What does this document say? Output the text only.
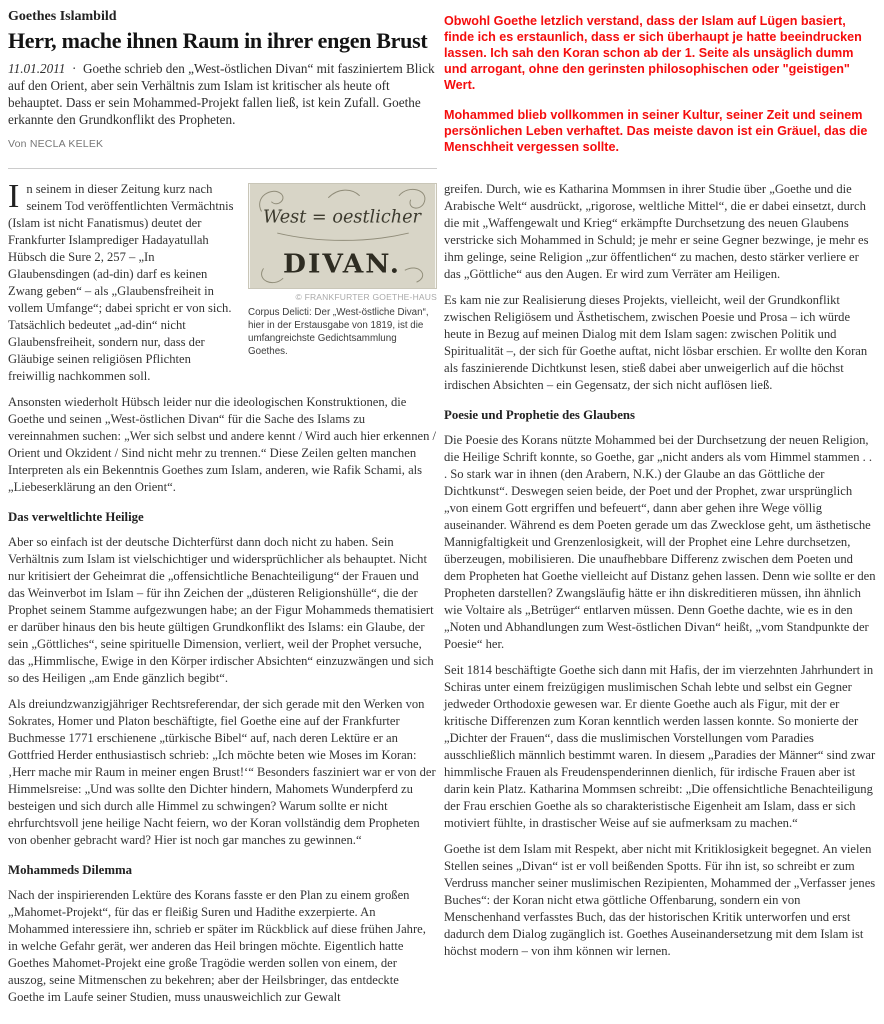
Goethes Islambild
Herr, mache ihnen Raum in ihrer engen Brust
11.01.2011 · Goethe schrieb den „West-östlichen Divan“ mit fasziniertem Blick auf den Orient, aber sein Verhältnis zum Islam ist kritischer als heute oft behauptet. Dass er sein Mohammed-Projekt fallen ließ, ist kein Zufall. Goethe erkannte den Grundkonflikt des Propheten.
Von NECLA KELEK

Obwohl Goethe letzlich verstand, dass der Islam auf Lügen basiert, finde ich es erstaunlich, dass er sich überhaupt je hatte beeindrucken lassen. Ich sah den Koran schon ab der 1. Seite als unsäglich dumm und arrogant, ohne den gerinsten philosophischen oder "geistigen" Wert.

Mohammed blieb vollkommen in seiner Kultur, seiner Zeit und seinem persönlichen Leben verhaftet. Das meiste davon ist ein Gräuel, das die Menschheit vergessen sollte.

West = oestlicher
DIVAN.
© FRANKFURTER GOETHE-HAUS
Corpus Delicti: Der „West-östliche Divan“, hier in der Erstausgabe von 1819, ist die umfangreichste Gedichtsammlung Goethes.

In seinem in dieser Zeitung kurz nach seinem Tod veröffentlichten Vermächtnis (Islam ist nicht Fanatismus) deutet der Frankfurter Islamprediger Hadayatullah Hübsch die Sure 2, 257 – „In Glaubensdingen (ad-din) darf es keinen Zwang geben“ – als „Glaubensfreiheit in vollem Umfange“; dabei spricht er von sich. Tatsächlich bedeutet „ad-din“ nicht Glaubensfreiheit, sondern nur, dass der Gläubige seinen religiösen Pflichten freiwillig nachkommen soll.

Ansonsten wiederholt Hübsch leider nur die ideologischen Konstruktionen, die Goethe und seinen „West-östlichen Divan“ für die Sache des Islams zu vereinnahmen suchen: „Wer sich selbst und andere kennt / Wird auch hier erkennen / Orient und Okzident / Sind nicht mehr zu trennen.“ Diese Zeilen gelten manchen Interpreten als ein Bekenntnis Goethes zum Islam, anderen, wie Rafik Schami, als „Liebeserklärung an den Orient“.

Das verweltlichte Heilige

Aber so einfach ist der deutsche Dichterfürst dann doch nicht zu haben. Sein Verhältnis zum Islam ist vielschichtiger und widersprüchlicher als behauptet. Nicht nur kritisiert der Geheimrat die „offensichtliche Benachteiligung“ der Frauen und das Weinverbot im Islam – für ihn Zeichen der „düsteren Religionshülle“, die der Prophet seinem Stamme aufgezwungen habe; an der Figur Mohammeds thematisiert er darüber hinaus den bis heute gültigen Grundkonflikt des Islams: ein Glaube, der sein „Göttliches“, seine spirituelle Dimension, verliert, weil der Prophet versuche, das „Himmlische, Ewige in den Körper irdischer Absichten“ einzuzwängen und sich so des Heiligen „am Ende gänzlich begibt“.

Als dreiundzwanzigjähriger Rechtsreferendar, der sich gerade mit den Werken von Sokrates, Homer und Platon beschäftigte, fiel Goethe eine auf der Frankfurter Buchmesse 1771 erschienene „türkische Bibel“ auf, nach deren Lektüre er an Gottfried Herder enthusiastisch schrieb: „Ich möchte beten wie Moses im Koran: ‚Herr mache mir Raum in meiner engen Brust!‘“ Besonders fasziniert war er von der Himmelsreise: „Und was sollte den Dichter hindern, Mahomets Wunderpferd zu besteigen und sich durch alle Himmel zu schwingen? Warum sollte er nicht ehrfurchtsvoll jene heilige Nacht feiern, wo der Koran vollständig dem Propheten von obenher gebracht ward? Hier ist noch gar manches zu gewinnen.“

Mohammeds Dilemma

Nach der inspirierenden Lektüre des Korans fasste er den Plan zu einem großen „Mahomet-Projekt“, für das er fleißig Suren und Hadithe exzerpierte. An Mohammed interessiere ihn, schrieb er später im Rückblick auf diese frühen Jahre, in welche Gefahr gerät, wer anderen das Heil bringen möchte. Eigentlich hatte Goethes Mahomet-Projekt eine große Tragödie werden sollen von einem, der auszog, seine Mitmenschen zu bekehren; aber der Heilsbringer, das entdeckte Goethe im Laufe seiner Studien, muss unausweichlich zur Gewalt

greifen. Durch, wie es Katharina Mommsen in ihrer Studie über „Goethe und die Arabische Welt“ ausdrückt, „rigorose, weltliche Mittel“, die er dabei einsetzt, durch die mit „Waffengewalt und Krieg“ erkämpfte Durchsetzung des neuen Glaubens verstricke sich Mohammed in Schuld; je mehr er seine Gegner bezwinge, je mehr es ihm gelinge, seine Religion „zur öffentlichen“ zu machen, desto stärker verliere er das „Göttliche“ aus den Augen. Er wird zum Verräter am Heiligen.

Es kam nie zur Realisierung dieses Projekts, vielleicht, weil der Grundkonflikt zwischen Religiösem und Ästhetischem, zwischen Poesie und Prosa – ich würde heute in Bezug auf meinen Dialog mit dem Islam sagen: zwischen Politik und Spiritualität –, der sich für Goethe auftat, nicht lösbar erschien. Er wollte den Koran als faszinierende Dichtkunst lesen, stieß dabei aber unweigerlich auf die höchst irdischen Absichten – ein Gegensatz, der sich nicht auflösen ließ.

Poesie und Prophetie des Glaubens

Die Poesie des Korans nützte Mohammed bei der Durchsetzung der neuen Religion, die Heilige Schrift konnte, so Goethe, gar „nicht anders als vom Himmel stammen . . . So stark war in ihnen (den Arabern, N.K.) der Glaube an das Göttliche der Dichtkunst“. Deswegen seien beide, der Poet und der Prophet, zwar ursprünglich „von einem Gott ergriffen und befeuert“, dann aber gehen ihre Wege völlig auseinander. Während es dem Poeten gerade um das Zwecklose geht, um ästhetische Mannigfaltigkeit und Grenzenlosigkeit, will der Prophet eine Lehre durchsetzen, überzeugen, mobilisieren. Die unaufhebbare Differenz zwischen dem Poeten und dem Propheten hat Goethe vielleicht auf Distanz gehen lassen. Denn wie sollte er den Propheten darstellen? Zwangsläufig hätte er ihn diskreditieren müssen, ihn ähnlich wie Voltaire als „Betrüger“ entlarven müssen. Denn Goethe dachte, wie es in den „Noten und Abhandlungen zum West-östlichen Divan“ heißt, „vom Standpunkte der Poesie“ her.

Seit 1814 beschäftigte Goethe sich dann mit Hafis, der im vierzehnten Jahrhundert in Schiras unter einem freizügigen muslimischen Schah lebte und selbst ein Gegner jedweder Orthodoxie gewesen war. Er diente Goethe auch als Figur, mit der er kritische Differenzen zum Koran kenntlich werden lassen konnte. So monierte der „Dichter der Frauen“, dass die muslimischen Vorstellungen vom Paradies ausschließlich männlich bestimmt waren. In diesem „Paradies der Männer“ sind zwar himmlische Frauen als Freudenspenderinnen dienlich, für irdische Frauen aber ist darin kein Platz. Katharina Mommsen schreibt: „Die offensichtliche Benachteiligung der Frau erschien Goethe als so charakteristische Eigenheit am Islam, dass er sich motiviert fühlte, in drastischer Weise auf sie aufmerksam zu machen.“

Goethe ist dem Islam mit Respekt, aber nicht mit Kritiklosigkeit begegnet. An vielen Stellen seines „Divan“ ist er voll beißenden Spotts. Für ihn ist, so schreibt er zum Verdruss mancher seiner muslimischen Rezipienten, Mohammed der „Verfasser jenes Buches“: der Koran nicht etwa göttliche Offenbarung, sondern ein von Menschenhand verfasstes Buch, das der historischen Kritik unterworfen und erst dadurch dem Dialog zugänglich ist. Goethes Auseinandersetzung mit dem Islam ist höchst modern – von ihm können wir lernen.
